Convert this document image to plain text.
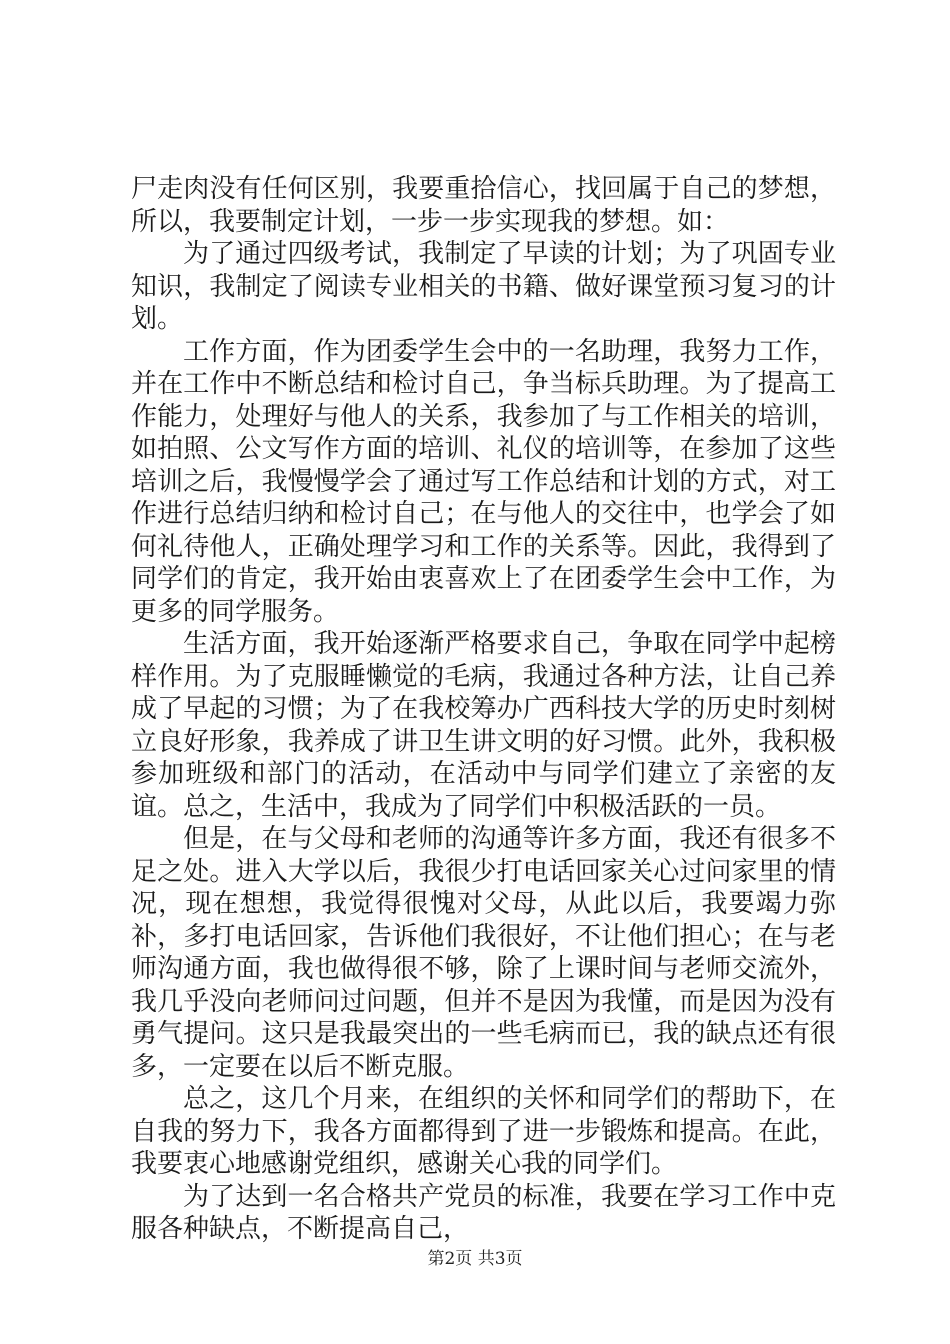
尸走肉没有任何区别，我要重拾信心，找回属于自己的梦想，所以，我要制定计划，一步一步实现我的梦想。如：

为了通过四级考试，我制定了早读的计划；为了巩固专业知识，我制定了阅读专业相关的书籍、做好课堂预习复习的计划。

工作方面，作为团委学生会中的一名助理，我努力工作，并在工作中不断总结和检讨自己，争当标兵助理。为了提高工作能力，处理好与他人的关系，我参加了与工作相关的培训，如拍照、公文写作方面的培训、礼仪的培训等，在参加了这些培训之后，我慢慢学会了通过写工作总结和计划的方式，对工作进行总结归纳和检讨自己；在与他人的交往中，也学会了如何礼待他人，正确处理学习和工作的关系等。因此，我得到了同学们的肯定，我开始由衷喜欢上了在团委学生会中工作，为更多的同学服务。

生活方面，我开始逐渐严格要求自己，争取在同学中起榜样作用。为了克服睡懒觉的毛病，我通过各种方法，让自己养成了早起的习惯；为了在我校筹办广西科技大学的历史时刻树立良好形象，我养成了讲卫生讲文明的好习惯。此外，我积极参加班级和部门的活动，在活动中与同学们建立了亲密的友谊。总之，生活中，我成为了同学们中积极活跃的一员。

但是，在与父母和老师的沟通等许多方面，我还有很多不足之处。进入大学以后，我很少打电话回家关心过问家里的情况，现在想想，我觉得很愧对父母，从此以后，我要竭力弥补，多打电话回家，告诉他们我很好，不让他们担心；在与老师沟通方面，我也做得很不够，除了上课时间与老师交流外，我几乎没向老师问过问题，但并不是因为我懂，而是因为没有勇气提问。这只是我最突出的一些毛病而已，我的缺点还有很多，一定要在以后不断克服。

总之，这几个月来，在组织的关怀和同学们的帮助下，在自我的努力下，我各方面都得到了进一步锻炼和提高。在此，我要衷心地感谢党组织，感谢关心我的同学们。

为了达到一名合格共产党员的标准，我要在学习工作中克服各种缺点，不断提高自己，

第2页 共3页
